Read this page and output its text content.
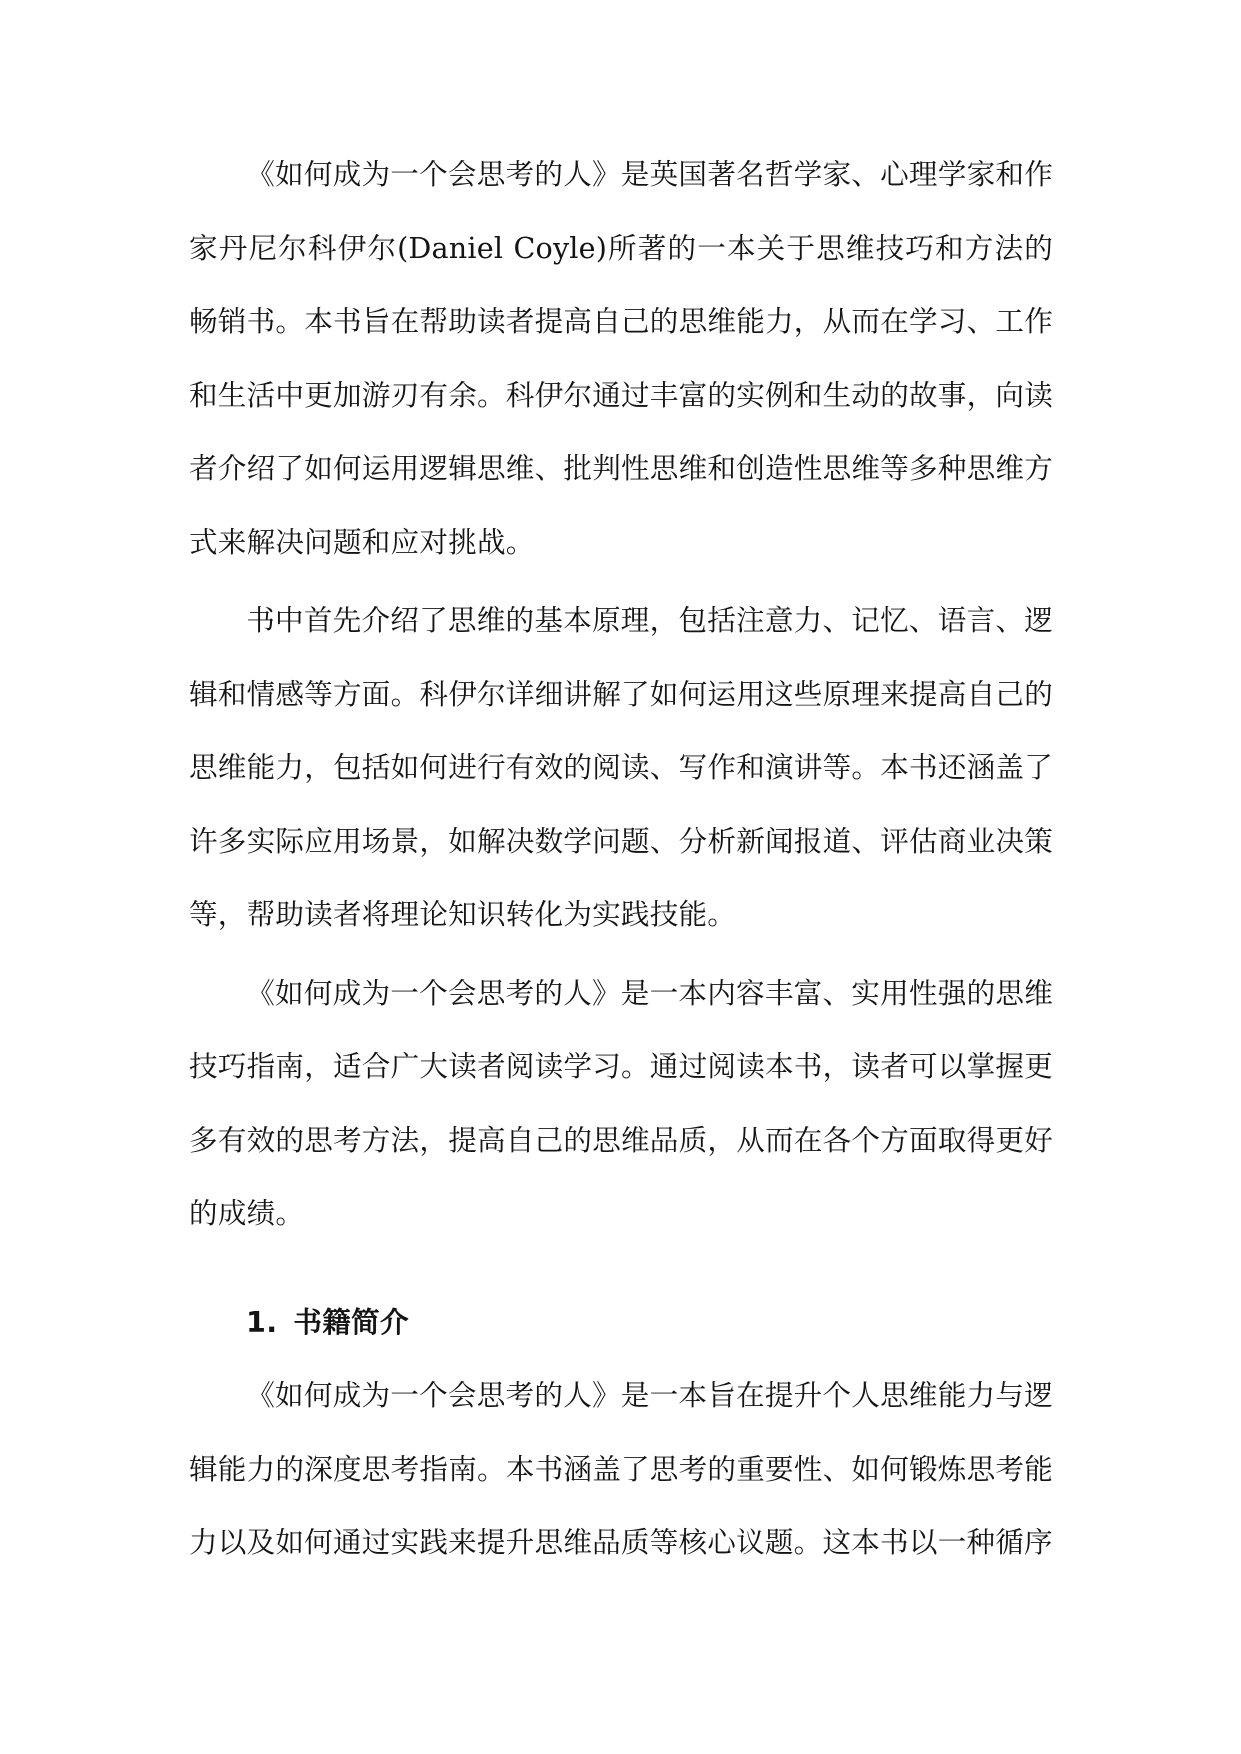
《如何成为一个会思考的人》是英国著名哲学家、心理学家和作家丹尼尔科伊尔(Daniel Coyle)所著的一本关于思维技巧和方法的畅销书。本书旨在帮助读者提高自己的思维能力，从而在学习、工作和生活中更加游刃有余。科伊尔通过丰富的实例和生动的故事，向读者介绍了如何运用逻辑思维、批判性思维和创造性思维等多种思维方式来解决问题和应对挑战。

书中首先介绍了思维的基本原理，包括注意力、记忆、语言、逻辑和情感等方面。科伊尔详细讲解了如何运用这些原理来提高自己的思维能力，包括如何进行有效的阅读、写作和演讲等。本书还涵盖了许多实际应用场景，如解决数学问题、分析新闻报道、评估商业决策等，帮助读者将理论知识转化为实践技能。

《如何成为一个会思考的人》是一本内容丰富、实用性强的思维技巧指南，适合广大读者阅读学习。通过阅读本书，读者可以掌握更多有效的思考方法，提高自己的思维品质，从而在各个方面取得更好的成绩。

1. 书籍简介

《如何成为一个会思考的人》是一本旨在提升个人思维能力与逻辑能力的深度思考指南。本书涵盖了思考的重要性、如何锻炼思考能力以及如何通过实践来提升思维品质等核心议题。这本书以一种循序
